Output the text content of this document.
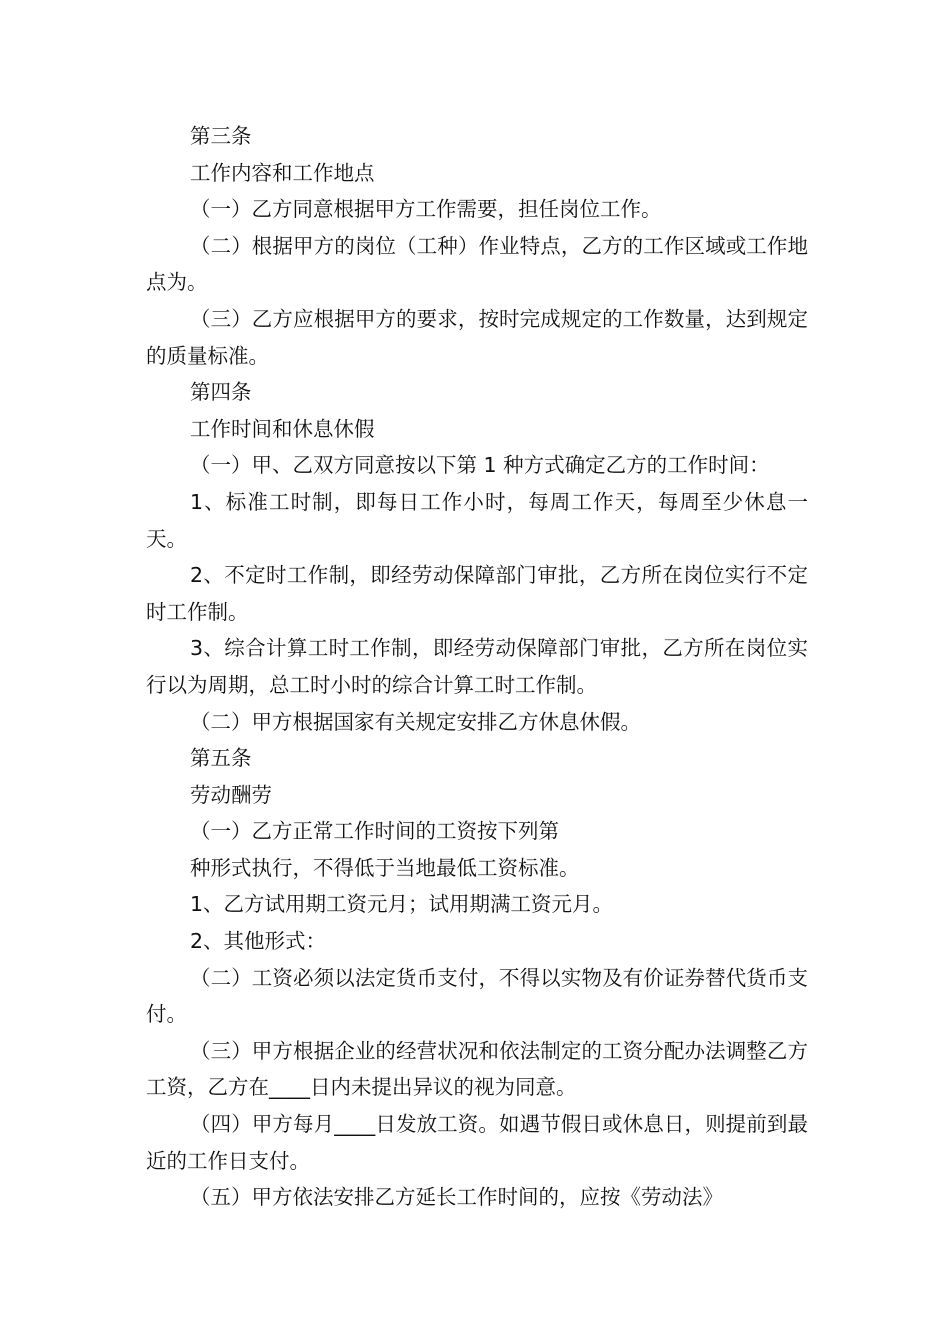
第三条

工作内容和工作地点

（一）乙方同意根据甲方工作需要，担任岗位工作。

（二）根据甲方的岗位（工种）作业特点，乙方的工作区域或工作地点为。

（三）乙方应根据甲方的要求，按时完成规定的工作数量，达到规定的质量标准。

第四条

工作时间和休息休假

（一）甲、乙双方同意按以下第 1 种方式确定乙方的工作时间：

1、标准工时制，即每日工作小时，每周工作天，每周至少休息一天。

2、不定时工作制，即经劳动保障部门审批，乙方所在岗位实行不定时工作制。

3、综合计算工时工作制，即经劳动保障部门审批，乙方所在岗位实行以为周期，总工时小时的综合计算工时工作制。

（二）甲方根据国家有关规定安排乙方休息休假。

第五条

劳动酬劳

（一）乙方正常工作时间的工资按下列第

种形式执行，不得低于当地最低工资标准。

1、乙方试用期工资元月；试用期满工资元月。

2、其他形式：

（二）工资必须以法定货币支付，不得以实物及有价证券替代货币支付。

（三）甲方根据企业的经营状况和依法制定的工资分配办法调整乙方工资，乙方在____日内未提出异议的视为同意。

（四）甲方每月____日发放工资。如遇节假日或休息日，则提前到最近的工作日支付。

（五）甲方依法安排乙方延长工作时间的，应按《劳动法》
